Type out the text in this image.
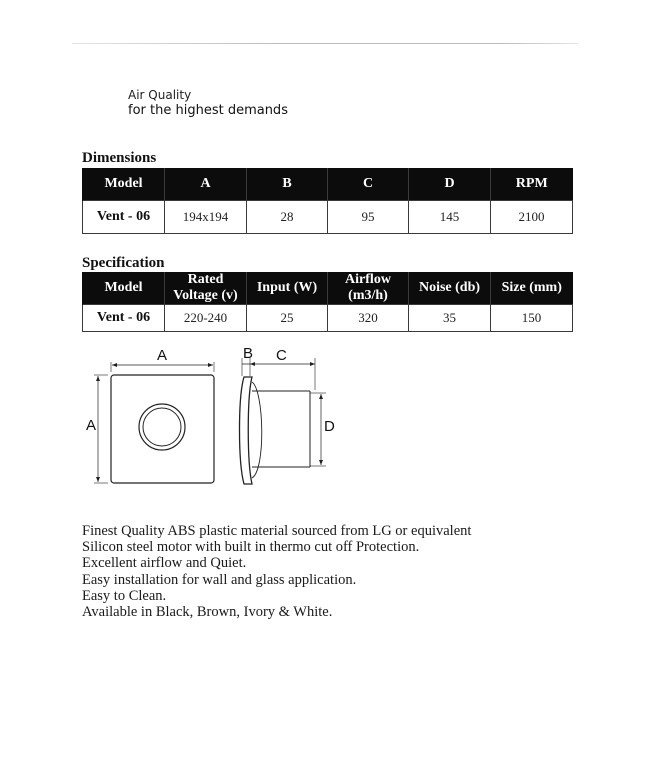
Air Quality
for the highest demands
Dimensions
Model	A	B	C	D	RPM
Vent - 06	194x194	28	95	145	2100
Specification
Model	Rated Voltage (v)	Input (W)	Airflow (m3/h)	Noise (db)	Size (mm)
Vent - 06	220-240	25	320	35	150
A
A
B C
D
Finest Quality ABS plastic material sourced from LG or equivalent
Silicon steel motor with built in thermo cut off Protection.
Excellent airflow and Quiet.
Easy installation for wall and glass application.
Easy to Clean.
Available in Black, Brown, Ivory & White.
